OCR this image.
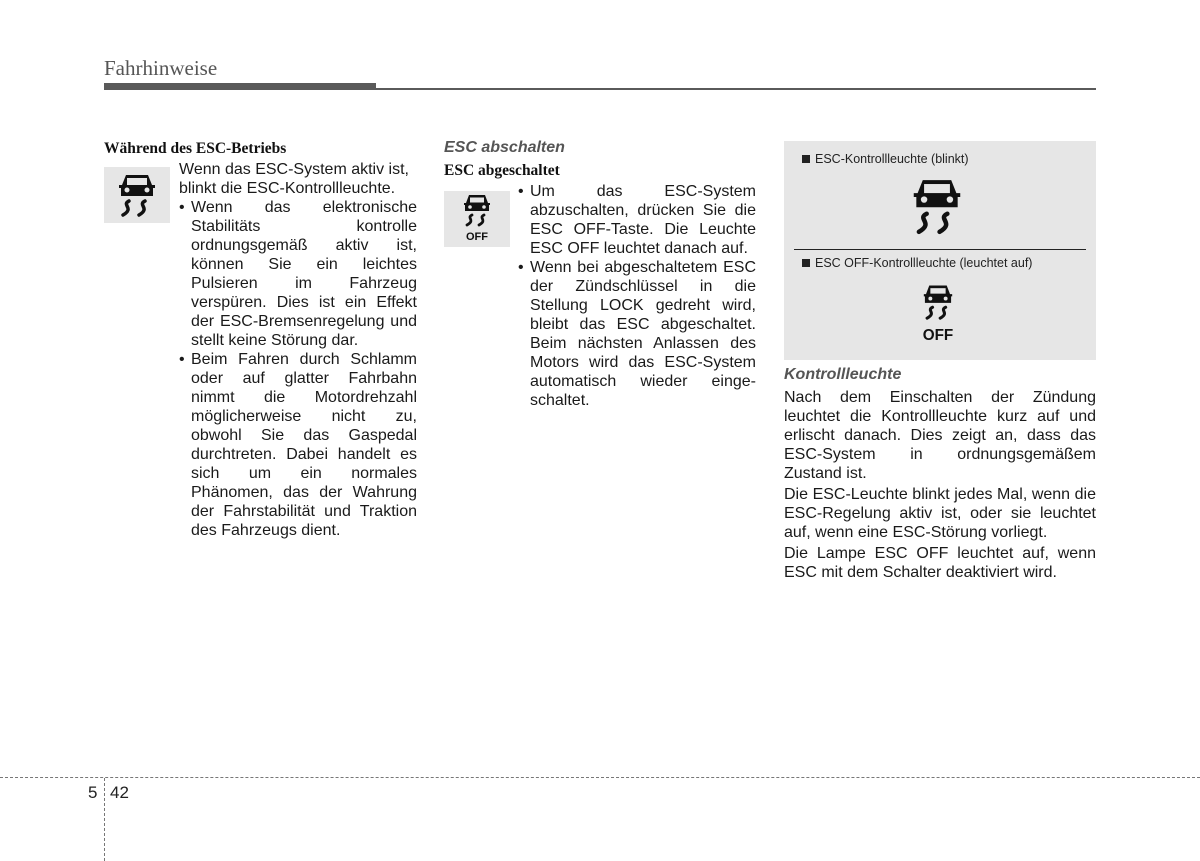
Fahrhinweise
Während des ESC-Betriebs
Wenn das ESC-System aktiv ist, blinkt die ESC-Kontrollleuchte.
• Wenn das elektronische Stabilitäts kontrolle ordnungsgemäß aktiv ist, können Sie ein leichtes Pulsieren im Fahrzeug verspüren. Dies ist ein Effekt der ESC-Bremsenregelung und stellt keine Störung dar.
• Beim Fahren durch Schlamm oder auf glatter Fahrbahn nimmt die Motordrehzahl möglicherweise nicht zu, obwohl Sie das Gaspedal durchtreten. Dabei handelt es sich um ein normales Phänomen, das der Wahrung der Fahrstabilität und Traktion des Fahrzeugs dient.
ESC abschalten
ESC abgeschaltet
OFF
• Um das ESC-System abzuschalten, drücken Sie die ESC OFF-Taste. Die Leuchte ESC OFF leuchtet danach auf.
• Wenn bei abgeschaltetem ESC der Zündschlüssel in die Stellung LOCK gedreht wird, bleibt das ESC abgeschaltet. Beim nächsten Anlassen des Motors wird das ESC-System automatisch wieder einge-schaltet.
ESC-Kontrollleuchte (blinkt)
ESC OFF-Kontrollleuchte (leuchtet auf)
OFF
Kontrollleuchte

Nach dem Einschalten der Zündung leuchtet die Kontrollleuchte kurz auf und erlischt danach. Dies zeigt an, dass das ESC-System in ordnungsgemäßem Zustand ist.

Die ESC-Leuchte blinkt jedes Mal, wenn die ESC-Regelung aktiv ist, oder sie leuchtet auf, wenn eine ESC-Störung vorliegt.

Die Lampe ESC OFF leuchtet auf, wenn ESC mit dem Schalter deaktiviert wird.

5 42
